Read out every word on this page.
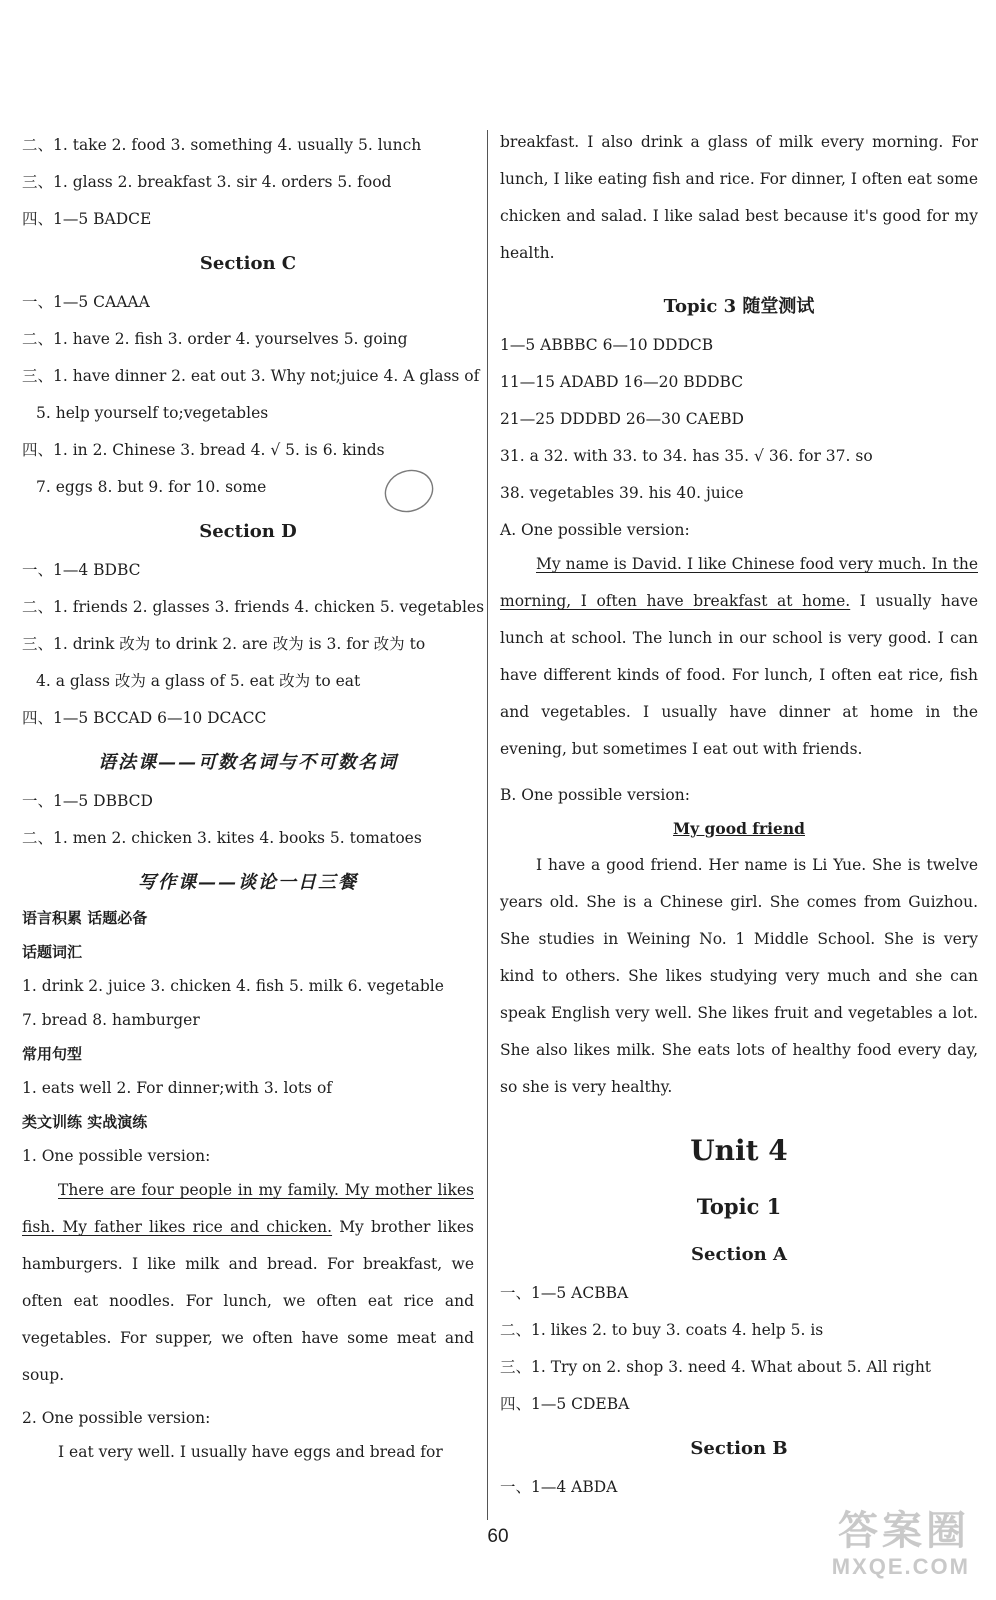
二、1. take 2. food 3. something 4. usually 5. lunch
三、1. glass 2. breakfast 3. sir 4. orders 5. food
四、1—5 BADCE
Section C
一、1—5 CAAAA
二、1. have 2. fish 3. order 4. yourselves 5. going
三、1. have dinner 2. eat out 3. Why not;juice 4. A glass of
5. help yourself to;vegetables
四、1. in 2. Chinese 3. bread 4. √ 5. is 6. kinds
7. eggs 8. but 9. for 10. some
Section D
一、1—4 BDBC
二、1. friends 2. glasses 3. friends 4. chicken 5. vegetables
三、1. drink 改为 to drink 2. are 改为 is 3. for 改为 to
4. a glass 改为 a glass of 5. eat 改为 to eat
四、1—5 BCCAD 6—10 DCACC
语法课——可数名词与不可数名词
一、1—5 DBBCD
二、1. men 2. chicken 3. kites 4. books 5. tomatoes
写作课——谈论一日三餐
语言积累 话题必备
话题词汇
1. drink 2. juice 3. chicken 4. fish 5. milk 6. vegetable
7. bread 8. hamburger
常用句型
1. eats well 2. For dinner;with 3. lots of
类文训练 实战演练
1. One possible version:
There are four people in my family. My mother likes fish. My father likes rice and chicken. My brother likes hamburgers. I like milk and bread. For breakfast, we often eat noodles. For lunch, we often eat rice and vegetables. For supper, we often have some meat and soup.
2. One possible version:
I eat very well. I usually have eggs and bread for
breakfast. I also drink a glass of milk every morning. For lunch, I like eating fish and rice. For dinner, I often eat some chicken and salad. I like salad best because it's good for my health.
Topic 3 随堂测试
1—5 ABBBC 6—10 DDDCB
11—15 ADABD 16—20 BDDBC
21—25 DDDBD 26—30 CAEBD
31. a 32. with 33. to 34. has 35. √ 36. for 37. so
38. vegetables 39. his 40. juice
A. One possible version:
My name is David. I like Chinese food very much. In the morning, I often have breakfast at home. I usually have lunch at school. The lunch in our school is very good. I can have different kinds of food. For lunch, I often eat rice, fish and vegetables. I usually have dinner at home in the evening, but sometimes I eat out with friends.
B. One possible version:
My good friend
I have a good friend. Her name is Li Yue. She is twelve years old. She is a Chinese girl. She comes from Guizhou. She studies in Weining No. 1 Middle School. She is very kind to others. She likes studying very much and she can speak English very well. She likes fruit and vegetables a lot. She also likes milk. She eats lots of healthy food every day, so she is very healthy.
Unit 4
Topic 1
Section A
一、1—5 ACBBA
二、1. likes 2. to buy 3. coats 4. help 5. is
三、1. Try on 2. shop 3. need 4. What about 5. All right
四、1—5 CDEBA
Section B
一、1—4 ABDA
60	答案圈
MXQE.COM
